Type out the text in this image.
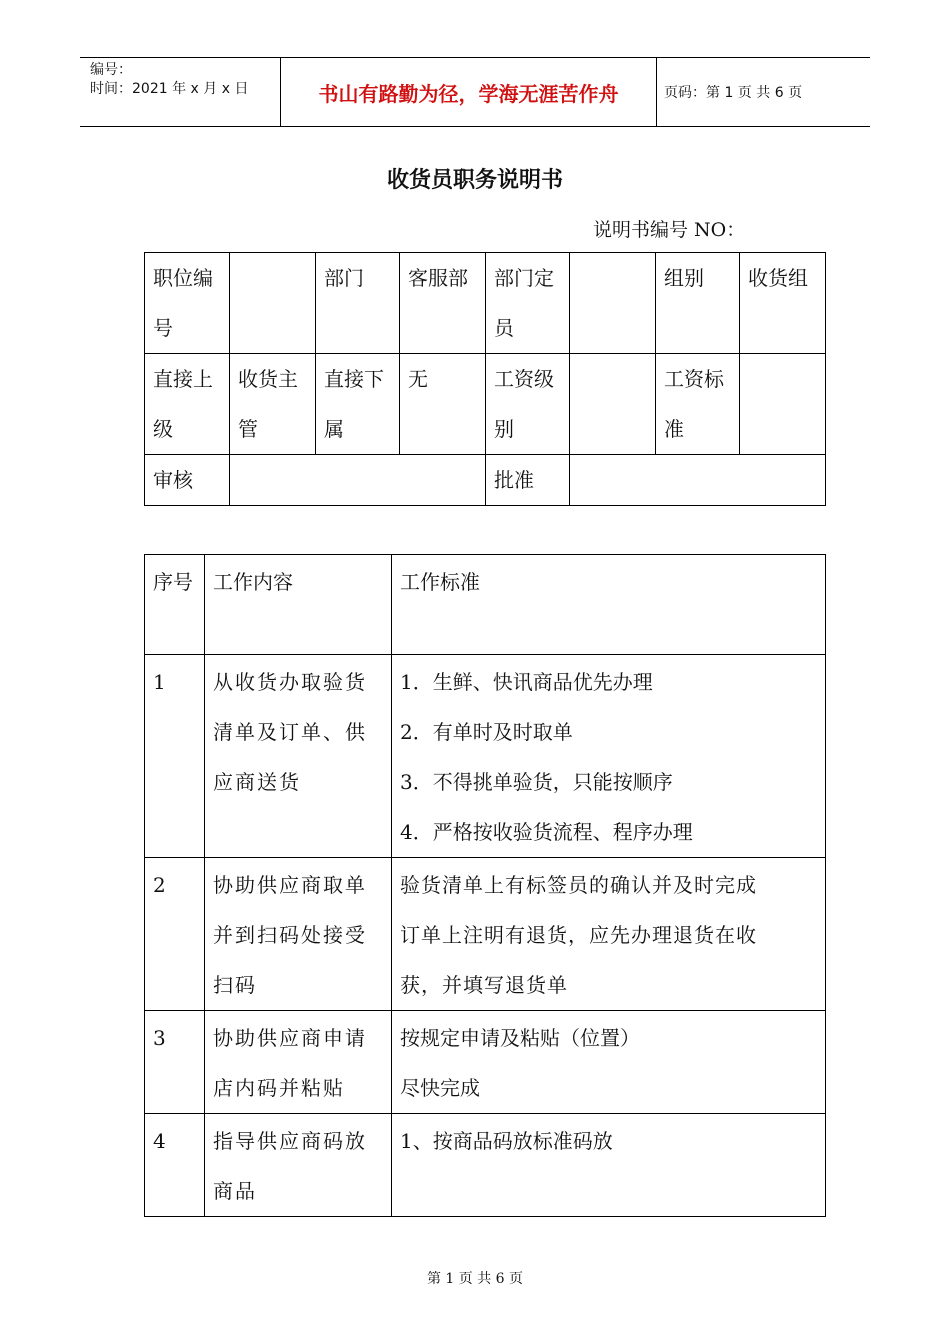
编号：
时间：2021 年 x 月 x 日	书山有路勤为径，学海无涯苦作舟	页码：第 1 页 共 6 页
收货员职务说明书
说明书编号 NO：
职位编号		部门	客服部	部门定员		组别	收货组
直接上级	收货主管	直接下属	无	工资级别		工资标准	
审核				批准			
序号	工作内容	工作标准
1	从收货办取验货
清单及订单、供
应商送货	1．生鲜、快讯商品优先办理
2．有单时及时取单
3．不得挑单验货，只能按顺序
4．严格按收验货流程、程序办理

2	协助供应商取单
并到扫码处接受
扫码	验货清单上有标签员的确认并及时完成
订单上注明有退货，应先办理退货在收
获，并填写退货单

3	协助供应商申请
店内码并粘贴	按规定申请及粘贴（位置）
尽快完成

4	指导供应商码放
商品	1、按商品码放标准码放
第 1 页 共 6 页
